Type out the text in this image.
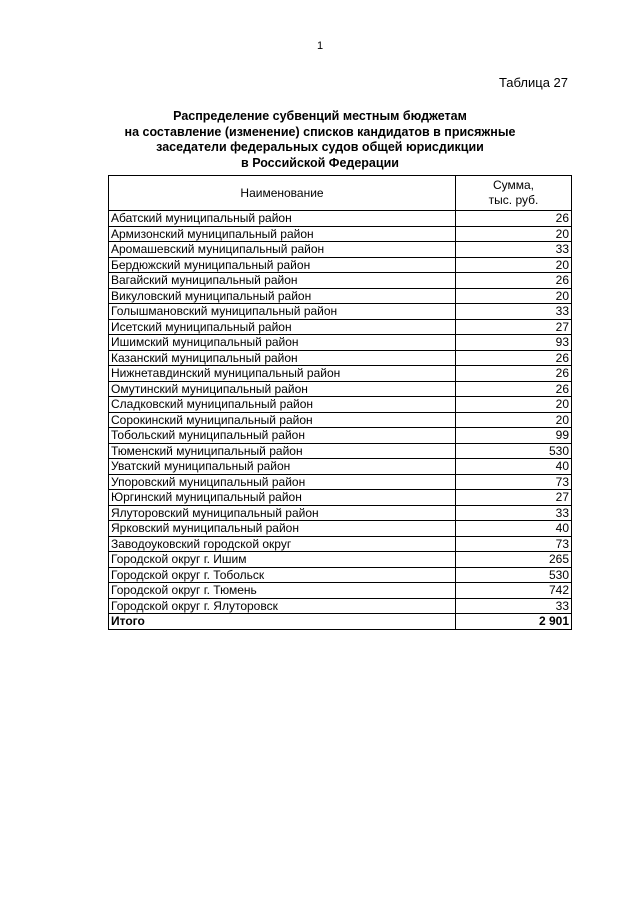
1
Таблица 27
Распределение субвенций местным бюджетам
на составление (изменение) списков кандидатов в присяжные
заседатели федеральных судов общей юрисдикции
в Российской Федерации
Наименование	Сумма,
тыс. руб.
Абатский муниципальный район	26
Армизонский муниципальный район	20
Аромашевский муниципальный район	33
Бердюжский муниципальный район	20
Вагайский муниципальный район	26
Викуловский муниципальный район	20
Голышмановский муниципальный район	33
Исетский муниципальный район	27
Ишимский муниципальный район	93
Казанский муниципальный район	26
Нижнетавдинский муниципальный район	26
Омутинский муниципальный район	26
Сладковский муниципальный район	20
Сорокинский муниципальный район	20
Тобольский муниципальный район	99
Тюменский муниципальный район	530
Уватский муниципальный район	40
Упоровский муниципальный район	73
Юргинский муниципальный район	27
Ялуторовский муниципальный район	33
Ярковский муниципальный район	40
Заводоуковский городской округ	73
Городской округ г. Ишим	265
Городской округ г. Тобольск	530
Городской округ г. Тюмень	742
Городской округ г. Ялуторовск	33
Итого	2 901
